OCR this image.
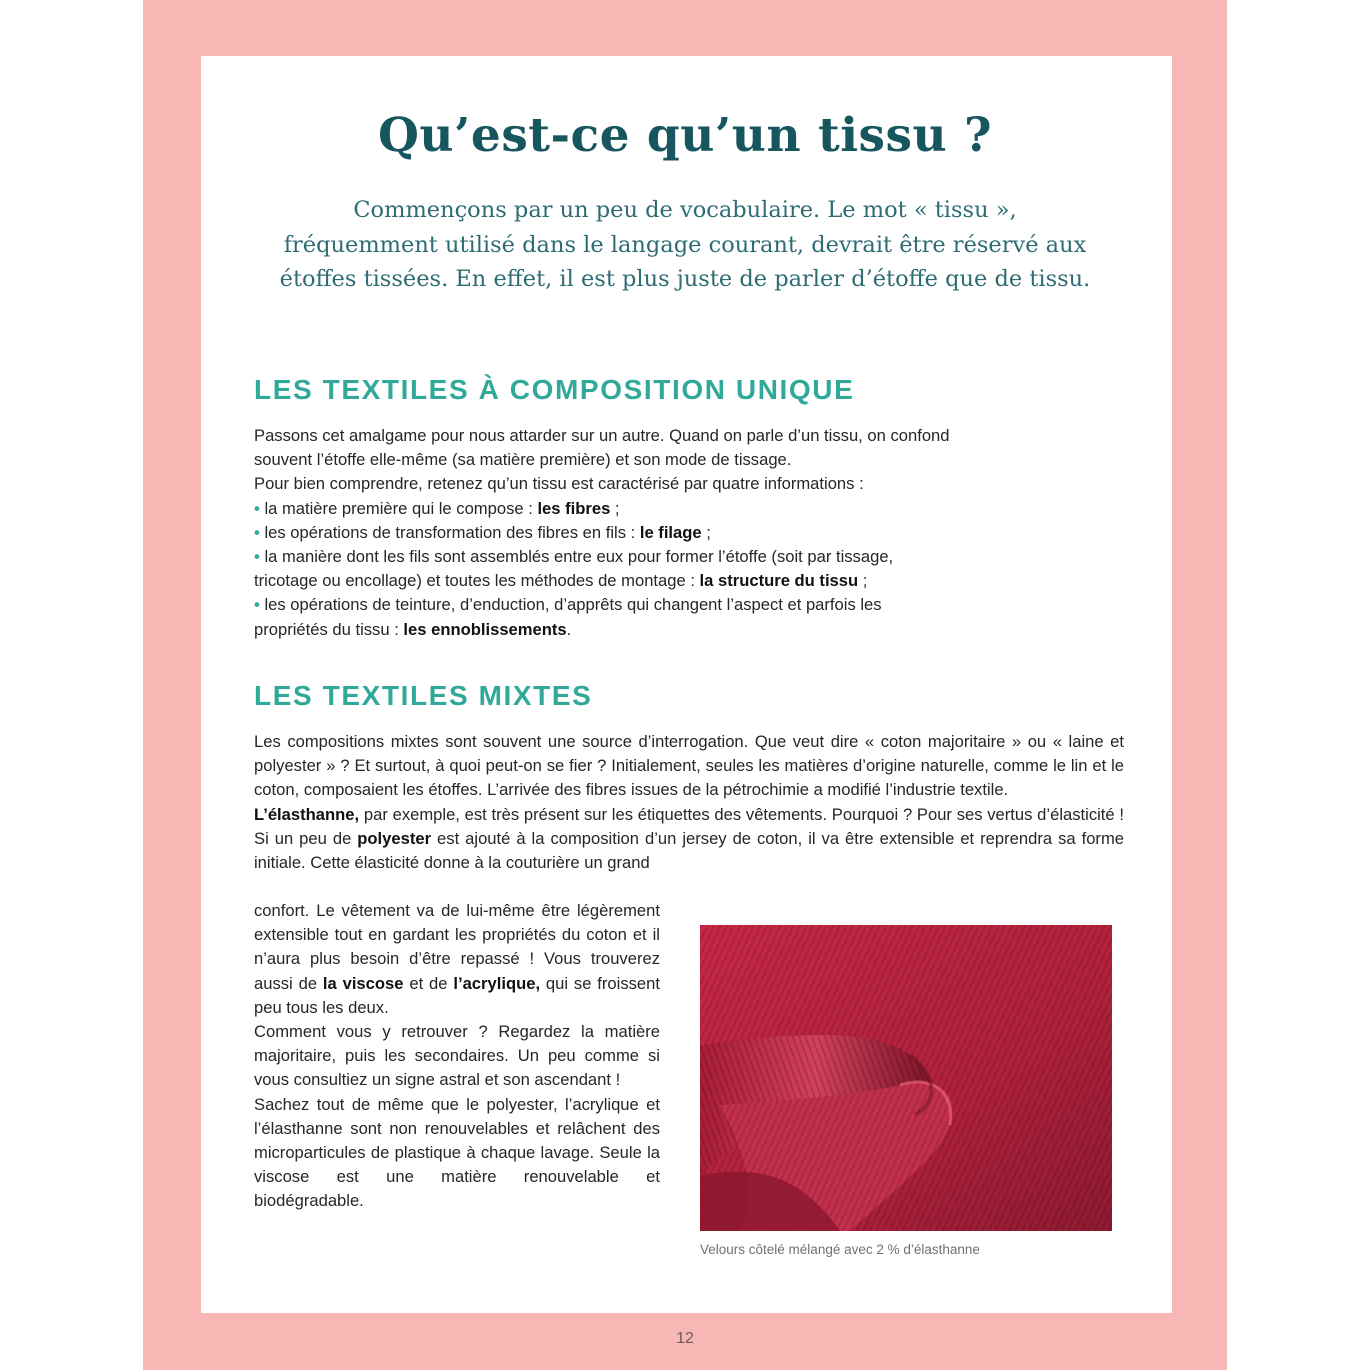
Qu’est-ce qu’un tissu ?
Commençons par un peu de vocabulaire. Le mot « tissu »,
fréquemment utilisé dans le langage courant, devrait être réservé aux
étoffes tissées. En effet, il est plus juste de parler d’étoffe que de tissu.
LES TEXTILES À COMPOSITION UNIQUE
Passons cet amalgame pour nous attarder sur un autre. Quand on parle d’un tissu, on confond
souvent l’étoffe elle-même (sa matière première) et son mode de tissage.
Pour bien comprendre, retenez qu’un tissu est caractérisé par quatre informations :
• la matière première qui le compose : les fibres ;
• les opérations de transformation des fibres en fils : le filage ;
• la manière dont les fils sont assemblés entre eux pour former l’étoffe (soit par tissage,
tricotage ou encollage) et toutes les méthodes de montage : la structure du tissu ;
• les opérations de teinture, d’enduction, d’apprêts qui changent l’aspect et parfois les
propriétés du tissu : les ennoblissements.
LES TEXTILES MIXTES

Les compositions mixtes sont souvent une source d’interrogation. Que veut dire « coton majoritaire » ou « laine et polyester » ? Et surtout, à quoi peut-on se fier ? Initialement, seules les matières d’origine naturelle, comme le lin et le coton, composaient les étoffes. L’arrivée des fibres issues de la pétrochimie a modifié l’industrie textile.

L’élasthanne, par exemple, est très présent sur les étiquettes des vêtements. Pourquoi ? Pour ses vertus d’élasticité ! Si un peu de polyester est ajouté à la composition d’un jersey de coton, il va être extensible et reprendra sa forme initiale. Cette élasticité donne à la couturière un grand

confort. Le vêtement va de lui-même être légèrement extensible tout en gardant les propriétés du coton et il n’aura plus besoin d’être repassé ! Vous trouverez aussi de la viscose et de l’acrylique, qui se froissent peu tous les deux.

Comment vous y retrouver ? Regardez la matière majoritaire, puis les secondaires. Un peu comme si vous consultiez un signe astral et son ascendant !

Sachez tout de même que le polyester, l’acrylique et l’élasthanne sont non renouvelables et relâchent des microparticules de plastique à chaque lavage. Seule la viscose est une matière renouvelable et biodégradable.

Velours côtelé mélangé avec 2 % d’élasthanne
12
